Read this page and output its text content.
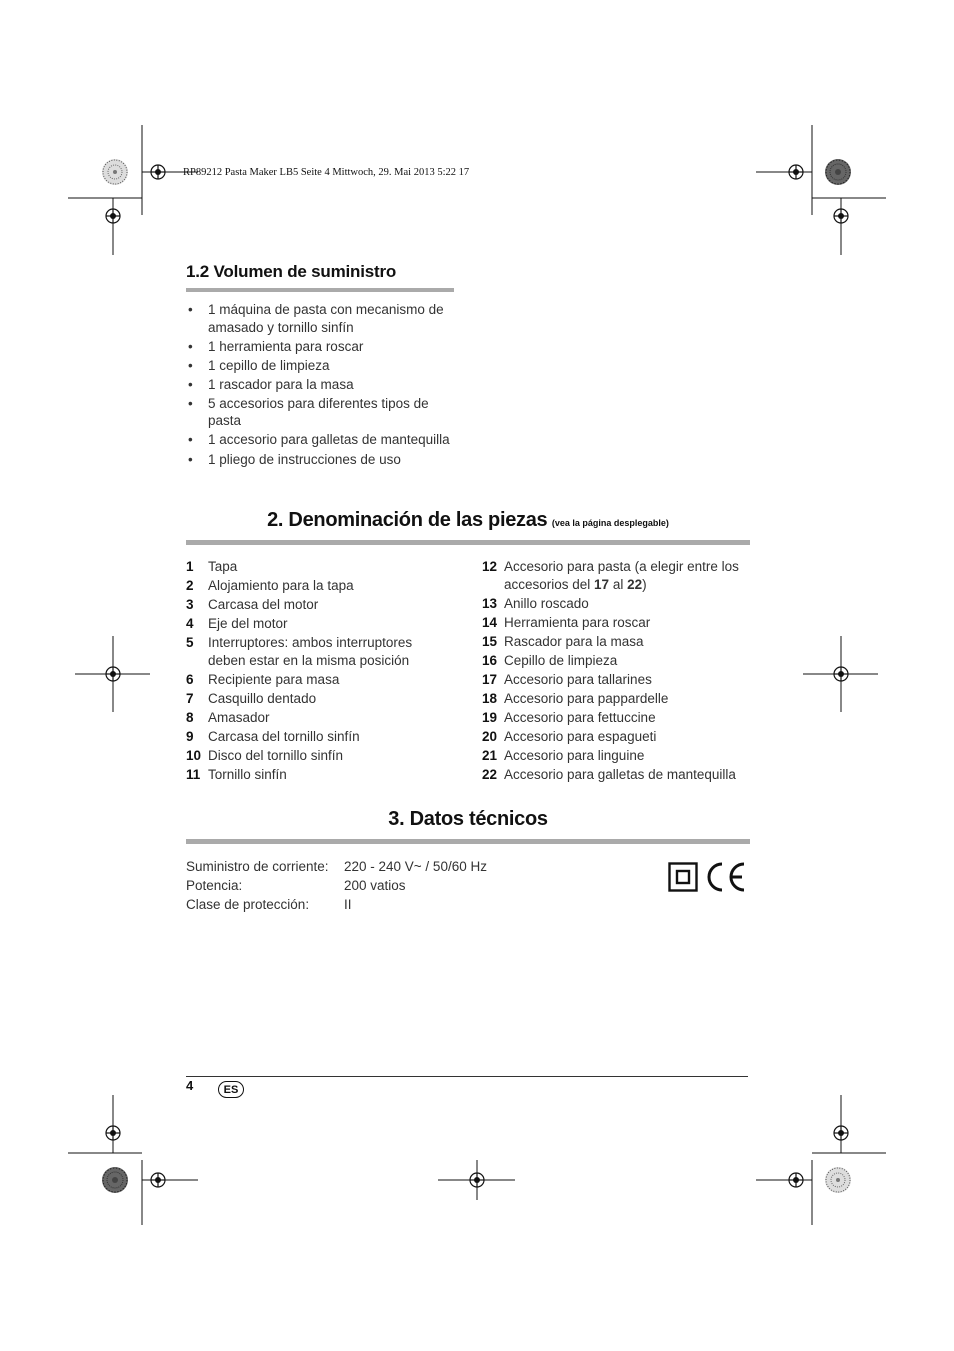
RP89212 Pasta Maker LB5 Seite 4 Mittwoch, 29. Mai 2013 5:22 17
1.2 Volumen de suministro
• 1 máquina de pasta con mecanismo de amasado y tornillo sinfín
• 1 herramienta para roscar
• 1 cepillo de limpieza
• 1 rascador para la masa
• 5 accesorios para diferentes tipos de pasta
• 1 accesorio para galletas de mantequilla
• 1 pliego de instrucciones de uso
2. Denominación de las piezas (vea la página desplegable)
1	Tapa
2	Alojamiento para la tapa
3	Carcasa del motor
4	Eje del motor
5	Interruptores: ambos interruptores deben estar en la misma posición
6	Recipiente para masa
7	Casquillo dentado
8	Amasador
9	Carcasa del tornillo sinfín
10 Disco del tornillo sinfín
11 Tornillo sinfín
12 Accesorio para pasta (a elegir entre los accesorios del 17 al 22)
13 Anillo roscado
14 Herramienta para roscar
15 Rascador para la masa
16 Cepillo de limpieza
17 Accesorio para tallarines
18 Accesorio para pappardelle
19 Accesorio para fettuccine
20 Accesorio para espagueti
21 Accesorio para linguine
22 Accesorio para galletas de mantequilla
3. Datos técnicos
Suministro de corriente: 220 - 240 V~ / 50/60 Hz
Potencia:	200 vatios
Clase de protección:	II
4	ES
